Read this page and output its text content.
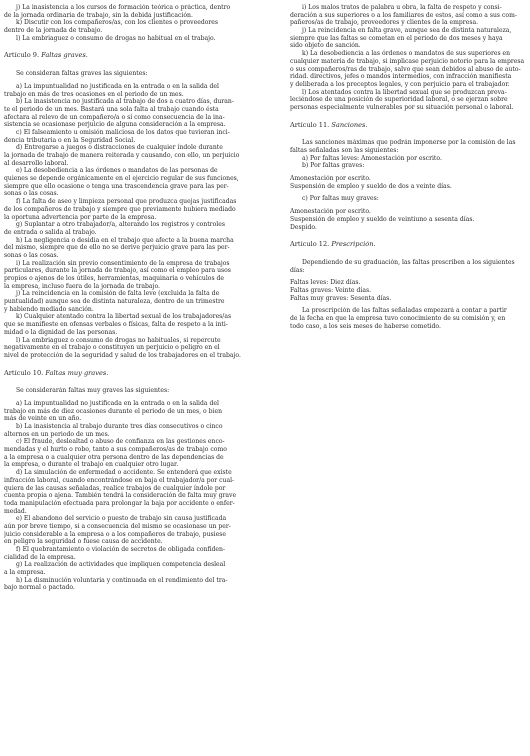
j) La inasistencia a los cursos de formación teórica o práctica, dentro
de la jornada ordinaria de trabajo, sin la debida justificación.
k) Discutir con los compañeros/as, con los clientes o proveedores
dentro de la jornada de trabajo.
l) La embriaguez o consumo de drogas no habitual en el trabajo.
Artículo 9. Faltas graves.
Se consideran faltas graves las siguientes:
a) La impuntualidad no justificada en la entrada o en la salida del
trabajo en más de tres ocasiones en el periodo de un mes.
b) La inasistencia no justificada al trabajo de dos a cuatro días, duran-
te el periodo de un mes. Bastará una sola falta al trabajo cuando ésta
afectara al relevo de un compañero/a o sí como consecuencia de la ina-
sistencia se ocasionase perjuicio de alguna consideración a la empresa.
c) El falseamiento u omisión maliciosa de los datos que tuvieran inci-
dencia tributaria o en la Seguridad Social.
d) Entregarse a juegos o distracciones de cualquier índole durante
la jornada de trabajo de manera reiterada y causando, con ello, un perjuicio
al desarrollo laboral.
e) La desobediencia a las órdenes o mandatos de las personas de
quienes se depende orgánicamente en el ejercicio regular de sus funciones,
siempre que ello ocasione o tenga una trascendencia grave para las per-
sonas o las cosas.
f) La falta de aseo y limpieza personal que produzca quejas justificadas
de los compañeros de trabajo y siempre que previamente hubiera mediado
la oportuna advertencia por parte de la empresa.
g) Suplantar a otro trabajador/a, alterando los registros y controles
de entrada o salida al trabajo.
h) La negligencia o desidia en el trabajo que afecte a la buena marcha
del mismo, siempre que de ello no se derive perjuicio grave para las per-
sonas o las cosas.
i) La realización sin previo consentimiento de la empresa de trabajos
particulares, durante la jornada de trabajo, así como el empleo para usos
propios o ajenos de los útiles, herramientas, maquinaria o vehículos de
la empresa, incluso fuera de la jornada de trabajo.
j) La reincidencia en la comisión de falta leve (excluida la falta de
puntualidad) aunque sea de distinta naturaleza, dentro de un trimestre
y habiendo mediado sanción.
k) Cualquier atentado contra la libertad sexual de los trabajadores/as
que se manifieste en ofensas verbales o físicas, falta de respeto a la inti-
midad o la dignidad de las personas.
l) La embriaguez o consumo de drogas no habituales, si repercute
negativamente en el trabajo o constituyen un perjuicio o peligro en el
nivel de protección de la seguridad y salud de los trabajadores en el trabajo.
Artículo 10. Faltas muy graves.
Se considerarán faltas muy graves las siguientes:
a) La impuntualidad no justificada en la entrada o en la salida del
trabajo en más de diez ocasiones durante el periodo de un mes, o bien
más de veinte en un año.
b) La inasistencia al trabajo durante tres días consecutivos o cinco
alternos en un periodo de un mes.
c) El fraude, deslealtad o abuso de confianza en las gestiones enco-
mendadas y el hurto o robo, tanto a sus compañeros/as de trabajo como
a la empresa o a cualquier otra persona dentro de las dependencias de
la empresa, o durante el trabajo en cualquier otro lugar.
d) La simulación de enfermedad o accidente. Se entenderá que existe
infracción laboral, cuando encontrándose en baja el trabajador/a por cual-
quiera de las causas señaladas, realice trabajos de cualquier índole por
cuenta propia o ajena. También tendrá la consideración de falta muy grave
toda manipulación efectuada para prolongar la baja por accidente o enfer-
medad.
e) El abandono del servicio o puesto de trabajo sin causa justificada
aún por breve tiempo, si a consecuencia del mismo se ocasionase un per-
juicio considerable a la empresa o a los compañeros de trabajo, pusiese
en peligro la seguridad o fuese causa de accidente.
f) El quebrantamiento o violación de secretos de obligada confiden-
cialidad de la empresa.
g) La realización de actividades que impliquen competencia desleal
a la empresa.
h) La disminución voluntaria y continuada en el rendimiento del tra-
bajo normal o pactado.
i) Los malos tratos de palabra u obra, la falta de respeto y consi-
deración a sus superiores o a los familiares de estos, así como a sus com-
pañeros/as de trabajo, proveedores y clientes de la empresa.
j) La reincidencia en falta grave, aunque sea de distinta naturaleza,
siempre que las faltas se cometan en el periodo de dos meses y haya
sido objeto de sanción.
k) La desobediencia a las órdenes o mandatos de sus superiores en
cualquier materia de trabajo, si implicase perjuicio notorio para la empresa
o sus compañeros/ras de trabajo, salvo que sean debidos al abuso de auto-
ridad. directivos, jefes o mandos intermedios, con infracción manifiesta
y deliberada a los preceptos legales, y con perjuicio para el trabajador.
l) Los atentados contra la libertad sexual que se produzcan preva-
leciéndose de una posición de superioridad laboral, o se ejerzan sobre
personas especialmente vulnerables por su situación personal o laboral.
Artículo 11. Sanciones.
Las sanciones máximas que podrán imponerse por la comisión de las
faltas señaladas son las siguientes:
a) Por faltas leves: Amonestación por escrito.
b) Por faltas graves:
Amonestación por escrito.
Suspensión de empleo y sueldo de dos a veinte días.
c) Por faltas muy graves:
Amonestación por escrito.
Suspensión de empleo y sueldo de veintiuno a sesenta días.
Despido.
Artículo 12. Prescripción.
Dependiendo de su graduación, las faltas prescriben a los siguientes
días:
Faltas leves: Diez días.
Faltas graves: Veinte días.
Faltas muy graves: Sesenta días.
La prescripción de las faltas señaladas empezará a contar a partir
de la fecha en que la empresa tuvo conocimiento de su comisión y, en
todo caso, a los seis meses de haberse cometido.
